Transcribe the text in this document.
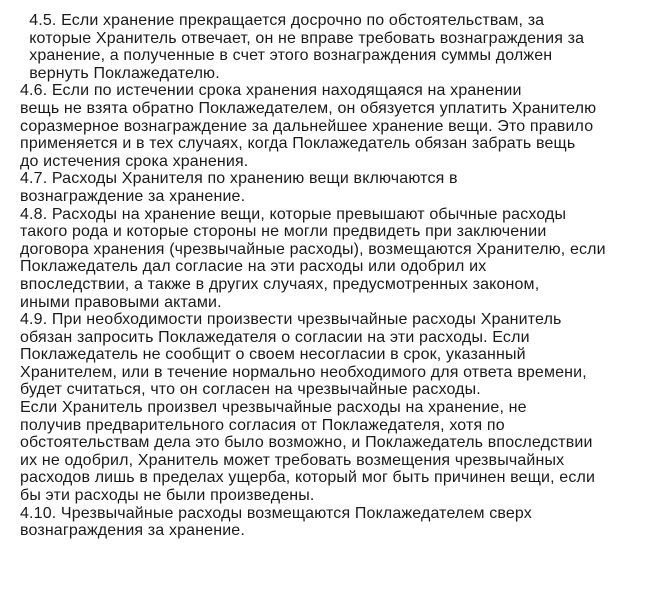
4.5. Если хранение прекращается досрочно по обстоятельствам, за
которые Хранитель отвечает, он не вправе требовать вознаграждения за
хранение, а полученные в счет этого вознаграждения суммы должен
вернуть Поклажедателю.
4.6. Если по истечении срока хранения находящаяся на хранении
вещь не взята обратно Поклажедателем, он обязуется уплатить Хранителю
соразмерное вознаграждение за дальнейшее хранение вещи. Это правило
применяется и в тех случаях, когда Поклажедатель обязан забрать вещь
до истечения срока хранения.
4.7. Расходы Хранителя по хранению вещи включаются в
вознаграждение за хранение.
4.8. Расходы на хранение вещи, которые превышают обычные расходы
такого рода и которые стороны не могли предвидеть при заключении
договора хранения (чрезвычайные расходы), возмещаются Хранителю, если
Поклажедатель дал согласие на эти расходы или одобрил их
впоследствии, а также в других случаях, предусмотренных законом,
иными правовыми актами.
4.9. При необходимости произвести чрезвычайные расходы Хранитель
обязан запросить Поклажедателя о согласии на эти расходы. Если
Поклажедатель не сообщит о своем несогласии в срок, указанный
Хранителем, или в течение нормально необходимого для ответа времени,
будет считаться, что он согласен на чрезвычайные расходы.
Если Хранитель произвел чрезвычайные расходы на хранение, не
получив предварительного согласия от Поклажедателя, хотя по
обстоятельствам дела это было возможно, и Поклажедатель впоследствии
их не одобрил, Хранитель может требовать возмещения чрезвычайных
расходов лишь в пределах ущерба, который мог быть причинен вещи, если
бы эти расходы не были произведены.
4.10. Чрезвычайные расходы возмещаются Поклажедателем сверх
вознаграждения за хранение.
